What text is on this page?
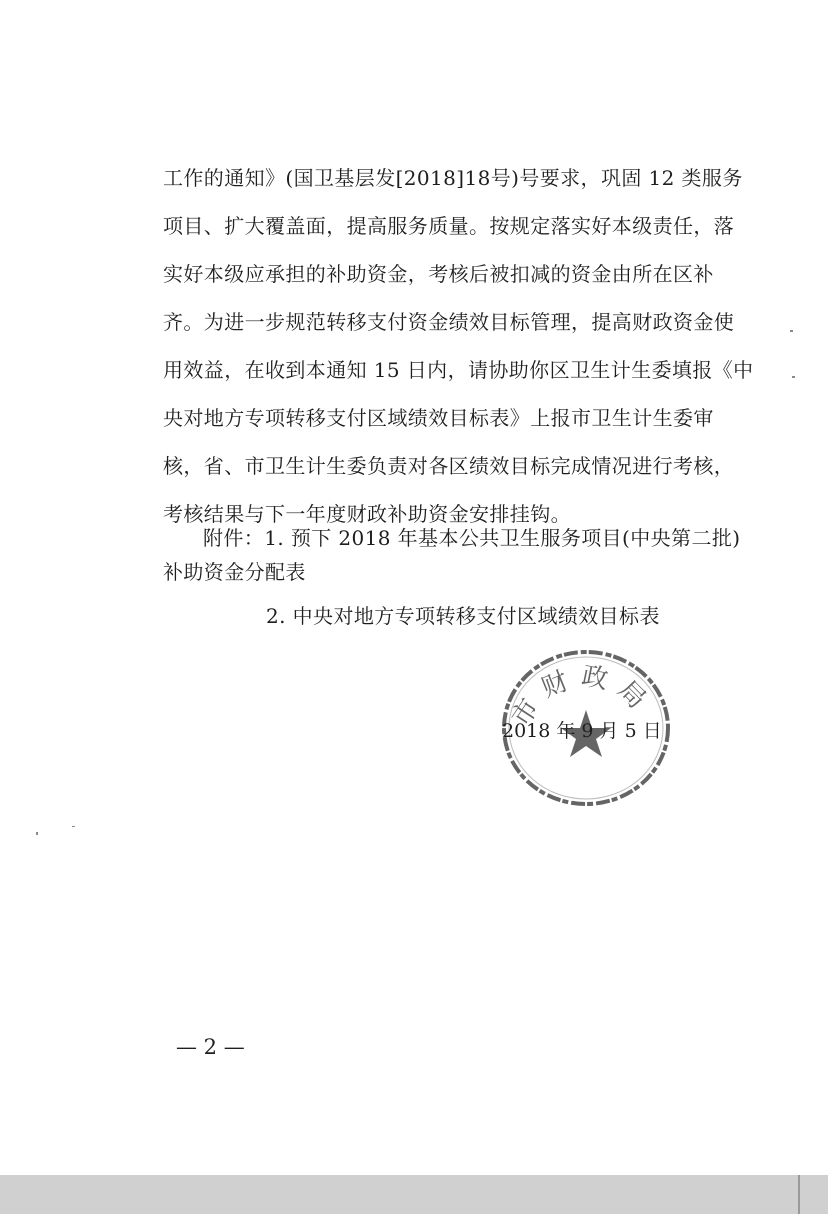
工作的通知》(国卫基层发[2018]18号)号要求，巩固 12 类服务
项目、扩大覆盖面，提高服务质量。按规定落实好本级责任，落
实好本级应承担的补助资金，考核后被扣减的资金由所在区补
齐。为进一步规范转移支付资金绩效目标管理，提高财政资金使
用效益，在收到本通知 15 日内，请协助你区卫生计生委填报《中
央对地方专项转移支付区域绩效目标表》上报市卫生计生委审
核，省、市卫生计生委负责对各区绩效目标完成情况进行考核，
考核结果与下一年度财政补助资金安排挂钩。
附件：1. 预下 2018 年基本公共卫生服务项目(中央第二批)
补助资金分配表
2. 中央对地方专项转移支付区域绩效目标表
市财政局
2018 年 9 月 5 日
— 2 —
